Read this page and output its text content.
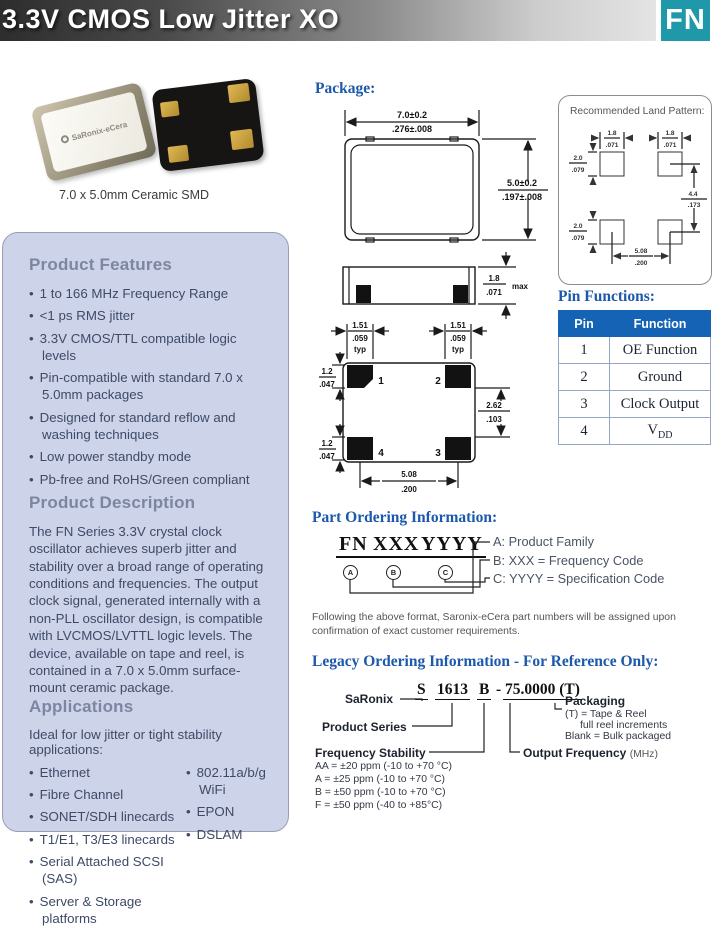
3.3V CMOS Low Jitter XO	FN
SaRonix-eCera
7.0 x 5.0mm Ceramic SMD
Product Features
• 1 to 166 MHz Frequency Range
• <1 ps RMS jitter
• 3.3V CMOS/TTL compatible logic levels
• Pin-compatible with standard 7.0 x 5.0mm packages
• Designed for standard reflow and washing techniques
• Low power standby mode
• Pb-free and RoHS/Green compliant
Product Description

The FN Series 3.3V crystal clock oscillator achieves superb jitter and stability over a broad range of operating conditions and frequencies. The output clock signal, generated internally with a non-PLL oscillator design, is compatible with LVCMOS/LVTTL logic levels. The device, available on tape and reel, is contained in a 7.0 x 5.0mm surface-mount ceramic package.

Applications

Ideal for low jitter or tight stability applications:

• Ethernet
• Fibre Channel
• SONET/SDH linecards
• T1/E1, T3/E3 linecards
• Serial Attached SCSI (SAS)
• Server & Storage platforms
• 802.11a/b/g WiFi
• EPON
• DSLAM
Package:
7.0±0.2
.276±.008
5.0±0.2
.197±.008
1.8
.071
max
1	2
4	3
1.51
.059
typ
1.51
.059
typ
1.2
.047
1.2
.047
2.62
.103
5.08
.200
Recommended Land Pattern:
1.8
.071
1.8
.071
2.0
.079
2.0
.079
4.4
.173
5.08
.200
Pin Functions:
Pin	Function
1	OE Function
2	Ground
3	Clock Output
4	$V_{DD}$
Part Ordering Information:
FN XXX YYYY
A	B	C
A: Product Family
B: XXX = Frequency Code
C: YYYY = Specification Code
Following the above format, Saronix-eCera part numbers will be assigned upon confirmation of exact customer requirements.
Legacy Ordering Information - For Reference Only:
S 1613 B - 75.0000 (T)
SaRonix
Product Series
Frequency Stability
AA = ±20 ppm (-10 to +70 °C)
A = ±25 ppm (-10 to +70 °C)
B = ±50 ppm (-10 to +70 °C)
F = ±50 ppm (-40 to +85°C)
Output Frequency (MHz)
Packaging
(T) = Tape & Reel
full reel increments
Blank = Bulk packaged
